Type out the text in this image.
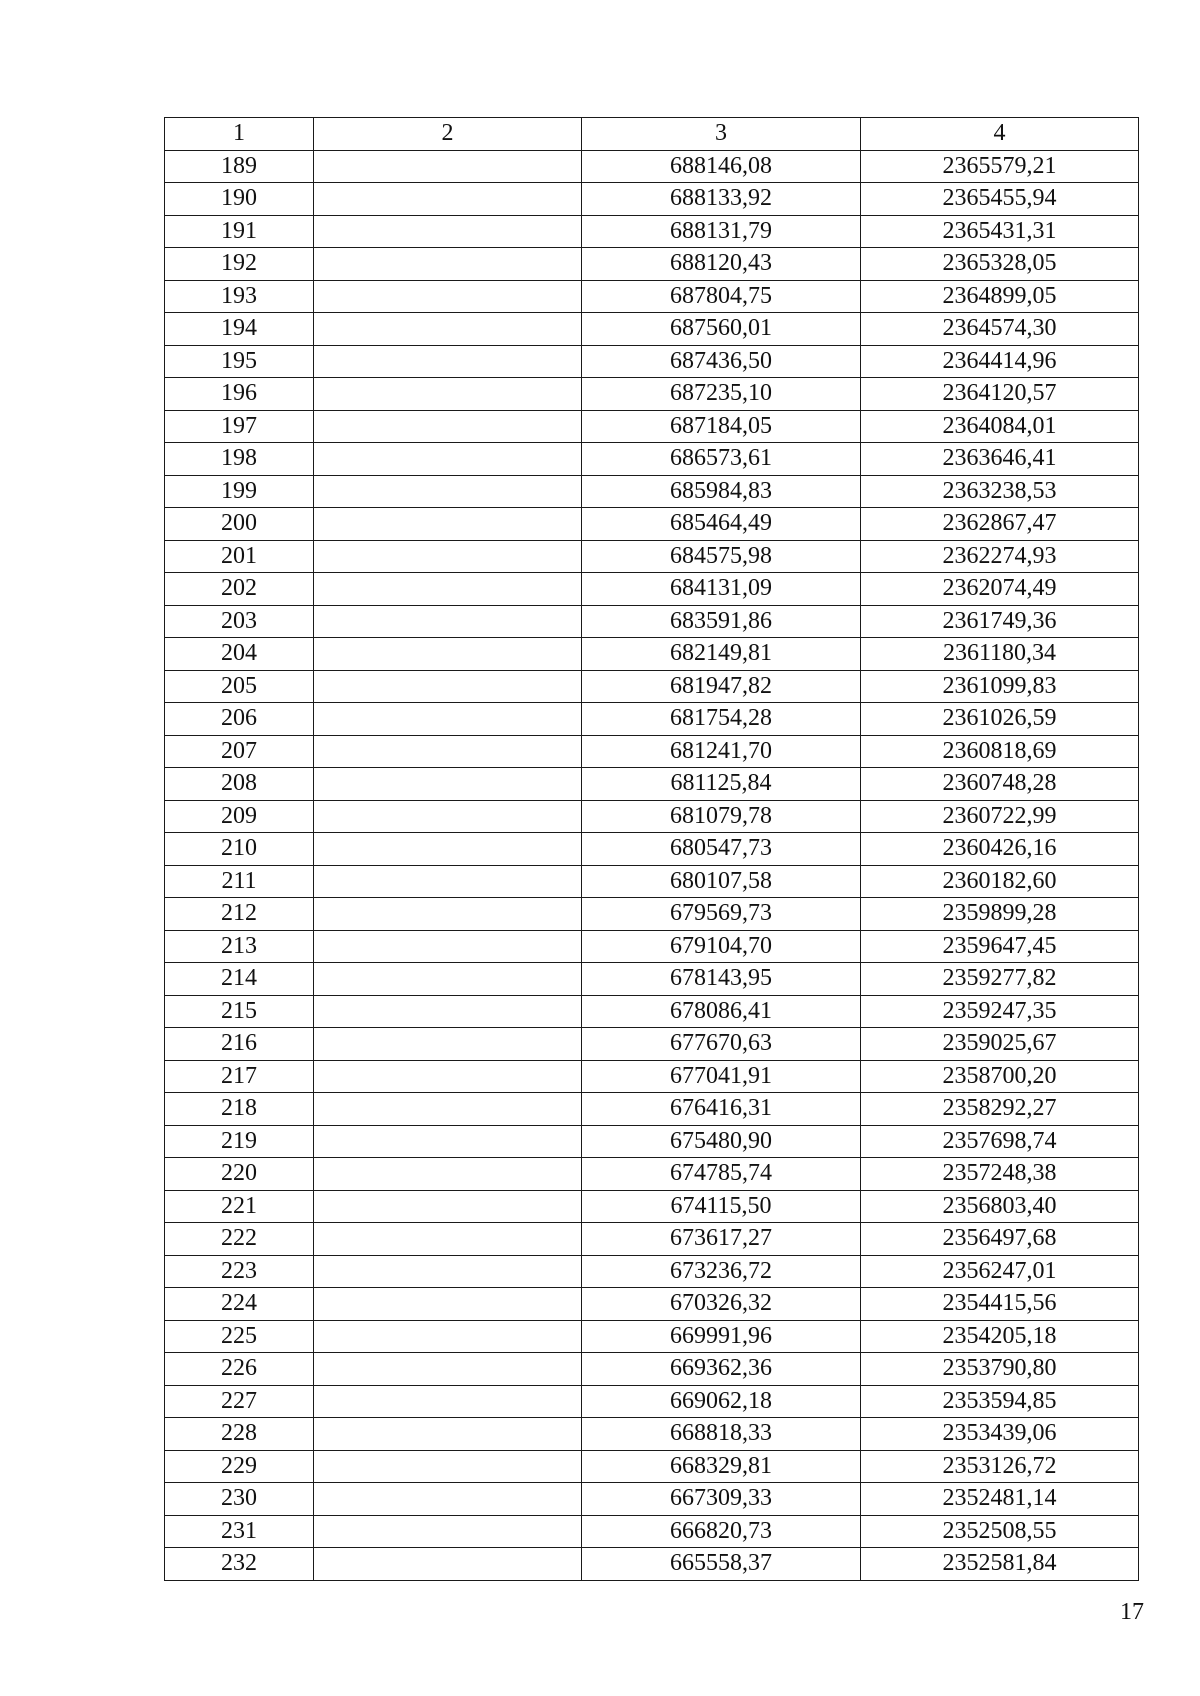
1	2	3	4
189		688146,08	2365579,21
190		688133,92	2365455,94
191		688131,79	2365431,31
192		688120,43	2365328,05
193		687804,75	2364899,05
194		687560,01	2364574,30
195		687436,50	2364414,96
196		687235,10	2364120,57
197		687184,05	2364084,01
198		686573,61	2363646,41
199		685984,83	2363238,53
200		685464,49	2362867,47
201		684575,98	2362274,93
202		684131,09	2362074,49
203		683591,86	2361749,36
204		682149,81	2361180,34
205		681947,82	2361099,83
206		681754,28	2361026,59
207		681241,70	2360818,69
208		681125,84	2360748,28
209		681079,78	2360722,99
210		680547,73	2360426,16
211		680107,58	2360182,60
212		679569,73	2359899,28
213		679104,70	2359647,45
214		678143,95	2359277,82
215		678086,41	2359247,35
216		677670,63	2359025,67
217		677041,91	2358700,20
218		676416,31	2358292,27
219		675480,90	2357698,74
220		674785,74	2357248,38
221		674115,50	2356803,40
222		673617,27	2356497,68
223		673236,72	2356247,01
224		670326,32	2354415,56
225		669991,96	2354205,18
226		669362,36	2353790,80
227		669062,18	2353594,85
228		668818,33	2353439,06
229		668329,81	2353126,72
230		667309,33	2352481,14
231		666820,73	2352508,55
232		665558,37	2352581,84
17
